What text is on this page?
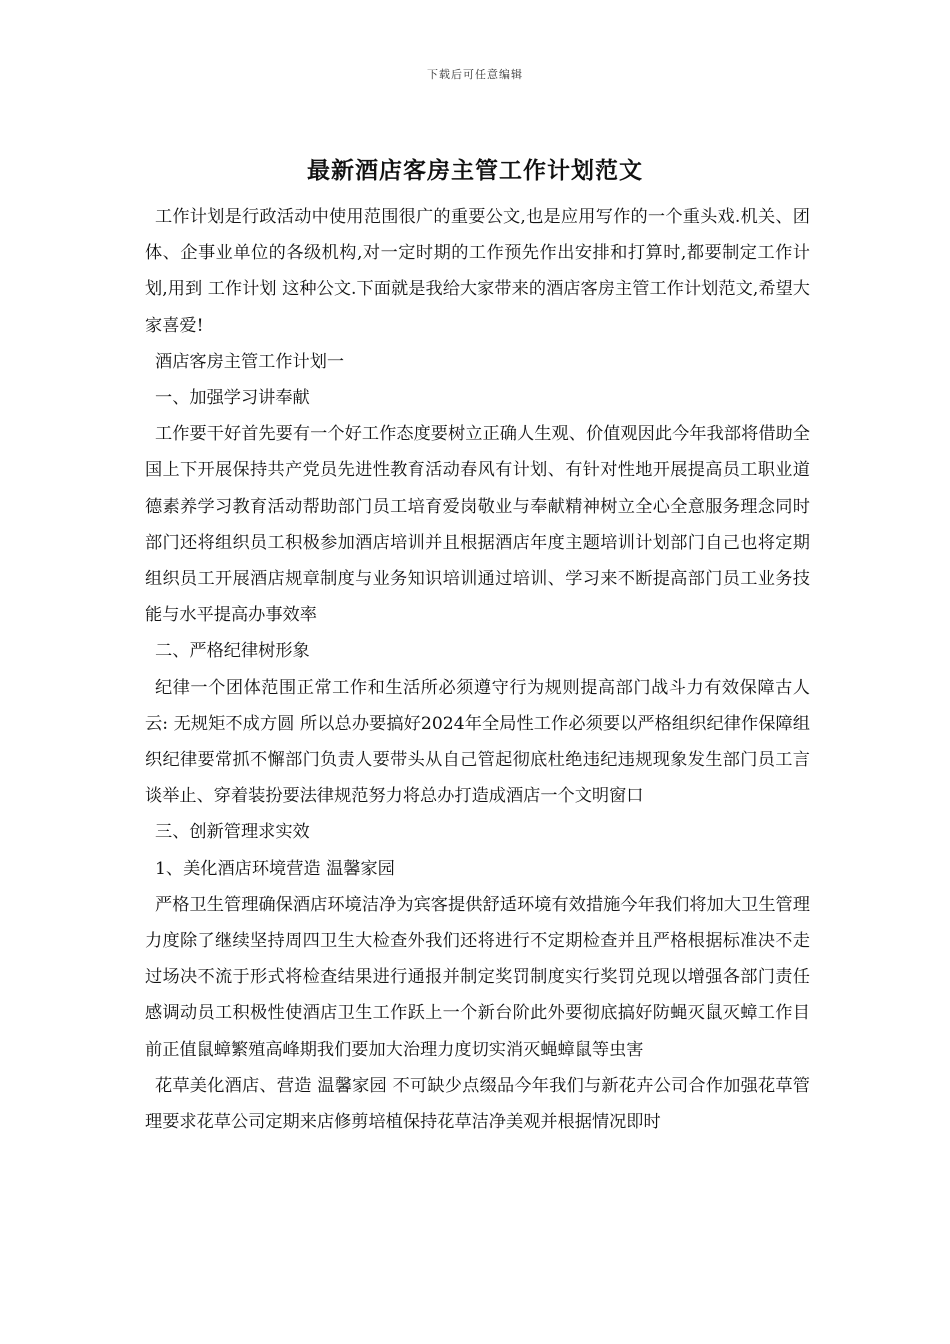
下载后可任意编辑
最新酒店客房主管工作计划范文

工作计划是行政活动中使用范围很广的重要公文,也是应用写作的一个重头戏.机关、团体、企事业单位的各级机构,对一定时期的工作预先作出安排和打算时,都要制定工作计划,用到 工作计划 这种公文.下面就是我给大家带来的酒店客房主管工作计划范文,希望大家喜爱!

酒店客房主管工作计划一

一、加强学习讲奉献

工作要干好首先要有一个好工作态度要树立正确人生观、价值观因此今年我部将借助全国上下开展保持共产党员先进性教育活动春风有计划、有针对性地开展提高员工职业道德素养学习教育活动帮助部门员工培育爱岗敬业与奉献精神树立全心全意服务理念同时部门还将组织员工积极参加酒店培训并且根据酒店年度主题培训计划部门自己也将定期组织员工开展酒店规章制度与业务知识培训通过培训、学习来不断提高部门员工业务技能与水平提高办事效率

二、严格纪律树形象

纪律一个团体范围正常工作和生活所必须遵守行为规则提高部门战斗力有效保障古人云: 无规矩不成方圆 所以总办要搞好2024年全局性工作必须要以严格组织纪律作保障组织纪律要常抓不懈部门负责人要带头从自己管起彻底杜绝违纪违规现象发生部门员工言谈举止、穿着装扮要法律规范努力将总办打造成酒店一个文明窗口

三、创新管理求实效

1、美化酒店环境营造 温馨家园

严格卫生管理确保酒店环境洁净为宾客提供舒适环境有效措施今年我们将加大卫生管理力度除了继续坚持周四卫生大检查外我们还将进行不定期检查并且严格根据标准决不走过场决不流于形式将检查结果进行通报并制定奖罚制度实行奖罚兑现以增强各部门责任感调动员工积极性使酒店卫生工作跃上一个新台阶此外要彻底搞好防蝇灭鼠灭蟑工作目前正值鼠蟑繁殖高峰期我们要加大治理力度切实消灭蝇蟑鼠等虫害

花草美化酒店、营造 温馨家园 不可缺少点缀品今年我们与新花卉公司合作加强花草管理要求花草公司定期来店修剪培植保持花草洁净美观并根据情况即时
